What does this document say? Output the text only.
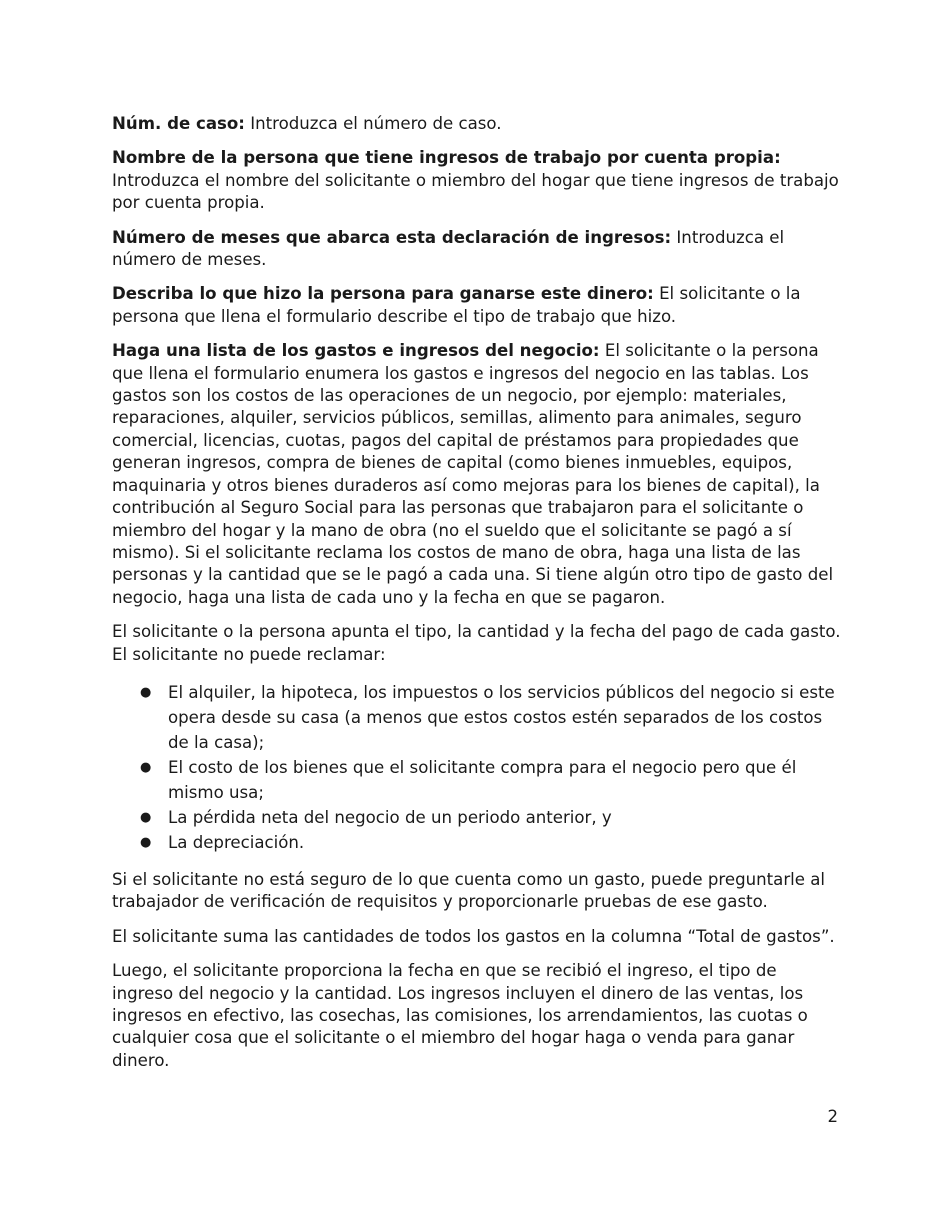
Núm. de caso: Introduzca el número de caso.

Nombre de la persona que tiene ingresos de trabajo por cuenta propia: Introduzca el nombre del solicitante o miembro del hogar que tiene ingresos de trabajo por cuenta propia.

Número de meses que abarca esta declaración de ingresos: Introduzca el número de meses.

Describa lo que hizo la persona para ganarse este dinero: El solicitante o la persona que llena el formulario describe el tipo de trabajo que hizo.

Haga una lista de los gastos e ingresos del negocio: El solicitante o la persona que llena el formulario enumera los gastos e ingresos del negocio en las tablas. Los gastos son los costos de las operaciones de un negocio, por ejemplo: materiales, reparaciones, alquiler, servicios públicos, semillas, alimento para animales, seguro comercial, licencias, cuotas, pagos del capital de préstamos para propiedades que generan ingresos, compra de bienes de capital (como bienes inmuebles, equipos, maquinaria y otros bienes duraderos así como mejoras para los bienes de capital), la contribución al Seguro Social para las personas que trabajaron para el solicitante o miembro del hogar y la mano de obra (no el sueldo que el solicitante se pagó a sí mismo). Si el solicitante reclama los costos de mano de obra, haga una lista de las personas y la cantidad que se le pagó a cada una. Si tiene algún otro tipo de gasto del negocio, haga una lista de cada uno y la fecha en que se pagaron.

El solicitante o la persona apunta el tipo, la cantidad y la fecha del pago de cada gasto. El solicitante no puede reclamar:

● El alquiler, la hipoteca, los impuestos o los servicios públicos del negocio si este opera desde su casa (a menos que estos costos estén separados de los costos de la casa);
● El costo de los bienes que el solicitante compra para el negocio pero que él mismo usa;
● La pérdida neta del negocio de un periodo anterior, y
● La depreciación.

Si el solicitante no está seguro de lo que cuenta como un gasto, puede preguntarle al trabajador de verificación de requisitos y proporcionarle pruebas de ese gasto.

El solicitante suma las cantidades de todos los gastos en la columna “Total de gastos”.

Luego, el solicitante proporciona la fecha en que se recibió el ingreso, el tipo de ingreso del negocio y la cantidad. Los ingresos incluyen el dinero de las ventas, los ingresos en efectivo, las cosechas, las comisiones, los arrendamientos, las cuotas o cualquier cosa que el solicitante o el miembro del hogar haga o venda para ganar dinero.

2
